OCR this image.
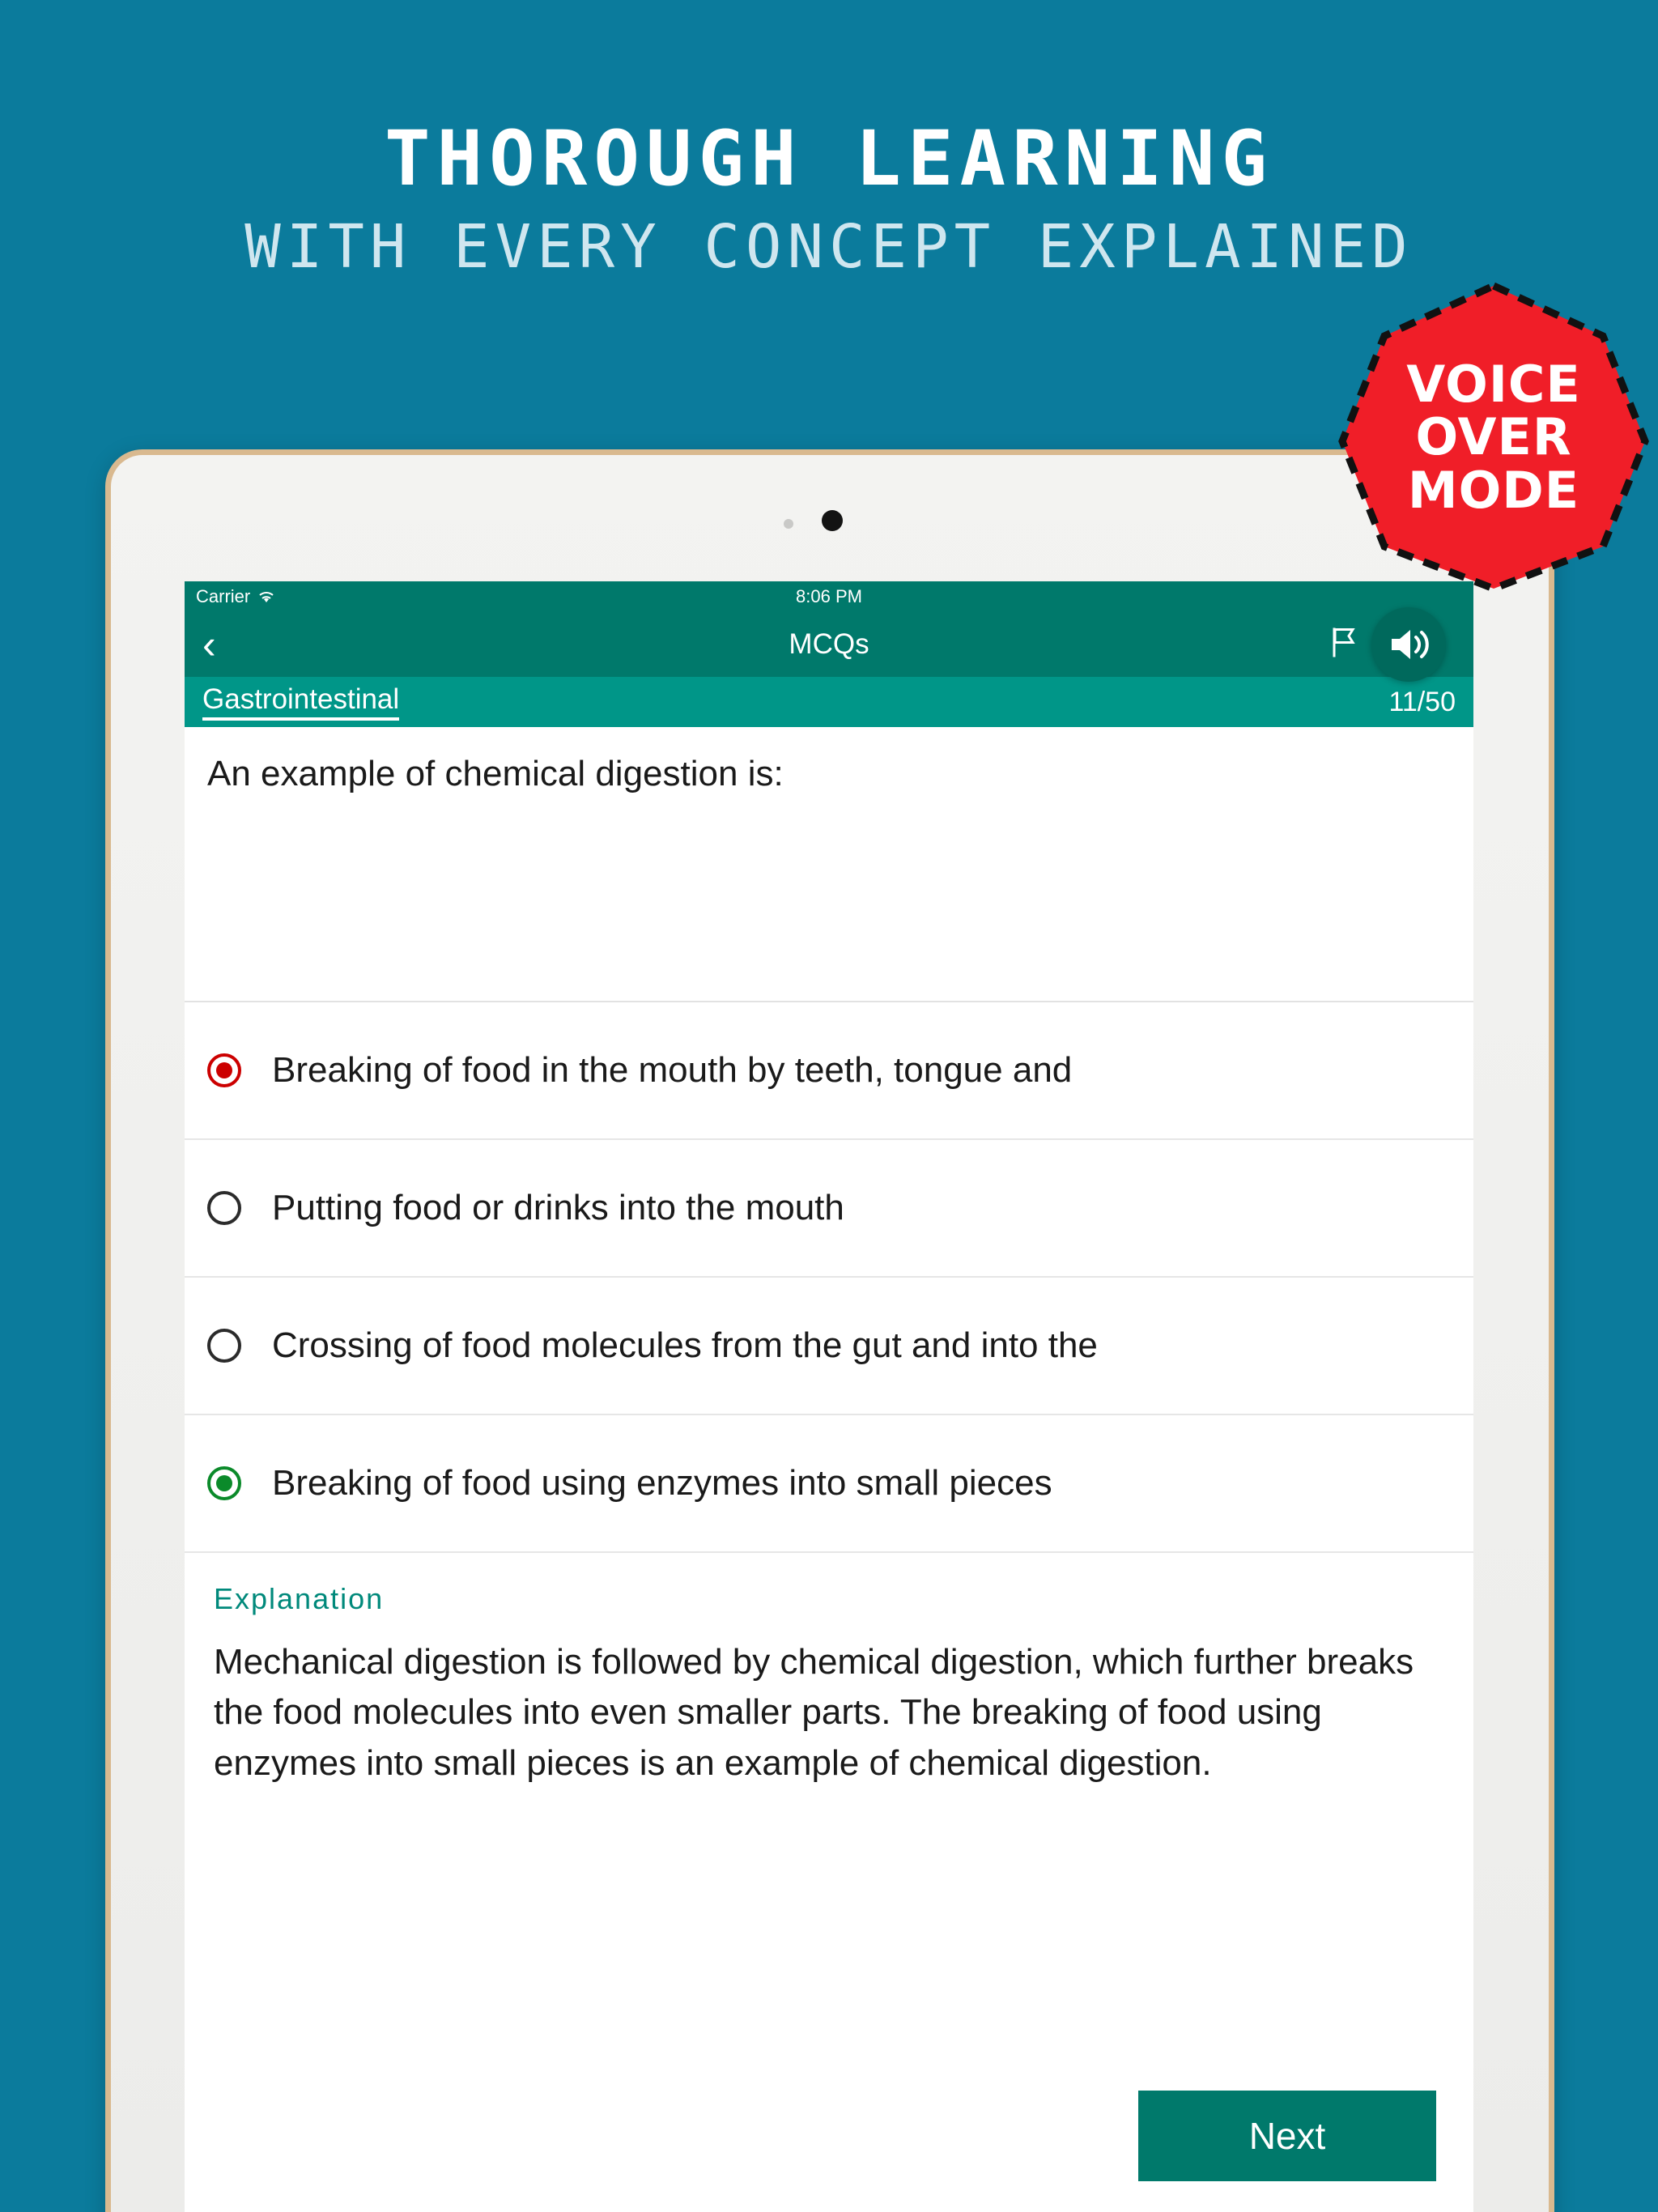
THOROUGH LEARNING
WITH EVERY CONCEPT EXPLAINED
VOICE
OVER
MODE
Carrier	8:06 PM
‹	MCQs
Gastrointestinal	11/50
An example of chemical digestion is:
Breaking of food in the mouth by teeth, tongue and
Putting food or drinks into the mouth
Crossing of food molecules from the gut and into the
Breaking of food using enzymes into small pieces
Explanation
Mechanical digestion is followed by chemical digestion, which further breaks the food molecules into even smaller parts. The breaking of food using enzymes into small pieces is an example of chemical digestion.
Next
